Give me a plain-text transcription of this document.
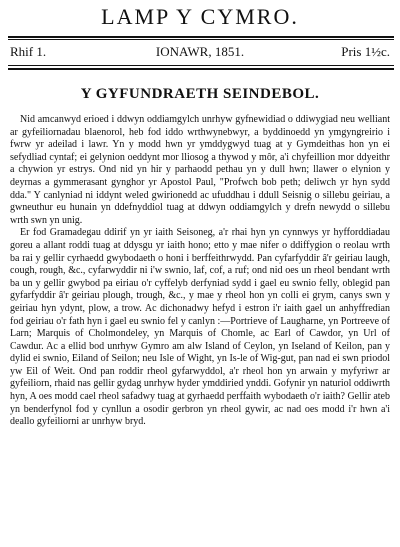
LAMP Y CYMRO.
Rhif 1.	IONAWR, 1851.	Pris 1½c.
Y GYFUNDRAETH SEINDEBOL.

Nid amcanwyd erioed i ddwyn oddiamgylch unrhyw gyfnewidiad o ddiwygiad neu welliant ar gyfeiliornadau blaenorol, heb fod iddo wrthwynebwyr, a byddinoedd yn ymgyngreirio i fwrw yr adeilad i lawr. Yn y modd hwn yr ymddygwyd tuag at y Gymdeithas hon yn ei sefydliad cyntaf; ei gelynion oeddynt mor lliosog a thywod y môr, a'i chyfeillion mor ddyeithr a chywion yr estrys. Ond nid yn hir y parhaodd pethau yn y dull hwn; llawer o elynion y deyrnas a gymmerasant gynghor yr Apostol Paul, "Profwch bob peth; deliwch yr hyn sydd dda." Y canlyniad ni iddynt weled gwirionedd ac ufuddhau i ddull Seisnig o sillebu geiriau, a gwneuthur eu hunain yn ddefnyddiol tuag at ddwyn oddiamgylch y drefn newydd o sillebu wrth swn yn unig.

Er fod Gramadegau ddirif yn yr iaith Seisoneg, a'r rhai hyn yn cynnwys yr hyfforddiadau goreu a allant roddi tuag at ddysgu yr iaith hono; etto y mae nifer o ddiffygion o reolau wrth ba rai y gellir cyrhaedd gwybodaeth o honi i berffeithrwydd. Pan cyfarfyddir â'r geiriau laugh, cough, rough, &c., cyfarwyddir ni i'w swnio, laf, cof, a ruf; ond nid oes un rheol bendant wrth ba un y gellir gwybod pa eiriau o'r cyffelyb derfyniad sydd i gael eu swnio felly, oblegid pan gyfarfyddir â'r geiriau plough, trough, &c., y mae y rheol hon yn colli ei grym, canys swn y geiriau hyn ydynt, plow, a trow. Ac dichonadwy hefyd i estron i'r iaith gael un anhyffredian fod geiriau o'r fath hyn i gael eu swnio fel y canlyn :—Portrieve of Laugharne, yn Portreeve of Larn; Marquis of Cholmondeley, yn Marquis of Chomle, ac Earl of Cawdor, yn Url of Cawdur. Ac a ellid bod unrhyw Gymro am alw Island of Ceylon, yn Iseland of Keilon, pan y dylid ei swnio, Eiland of Seilon; neu Isle of Wight, yn Is-le of Wig-gut, pan nad ei swn priodol yw Eil of Weit. Ond pan roddir rheol gyfarwyddol, a'r rheol hon yn arwain y myfyriwr ar gyfeiliorn, rhaid nas gellir gydag unrhyw hyder ymddiried ynddi. Gofynir yn naturiol oddiwrth hyn, A oes modd cael rheol safadwy tuag at gyrhaedd perffaith wybodaeth o'r iaith? Gellir ateb yn benderfynol fod y cynllun a osodir gerbron yn rheol gywir, ac nad oes modd i'r hwn a'i deallo gyfeiliorni ar unrhyw bryd.
